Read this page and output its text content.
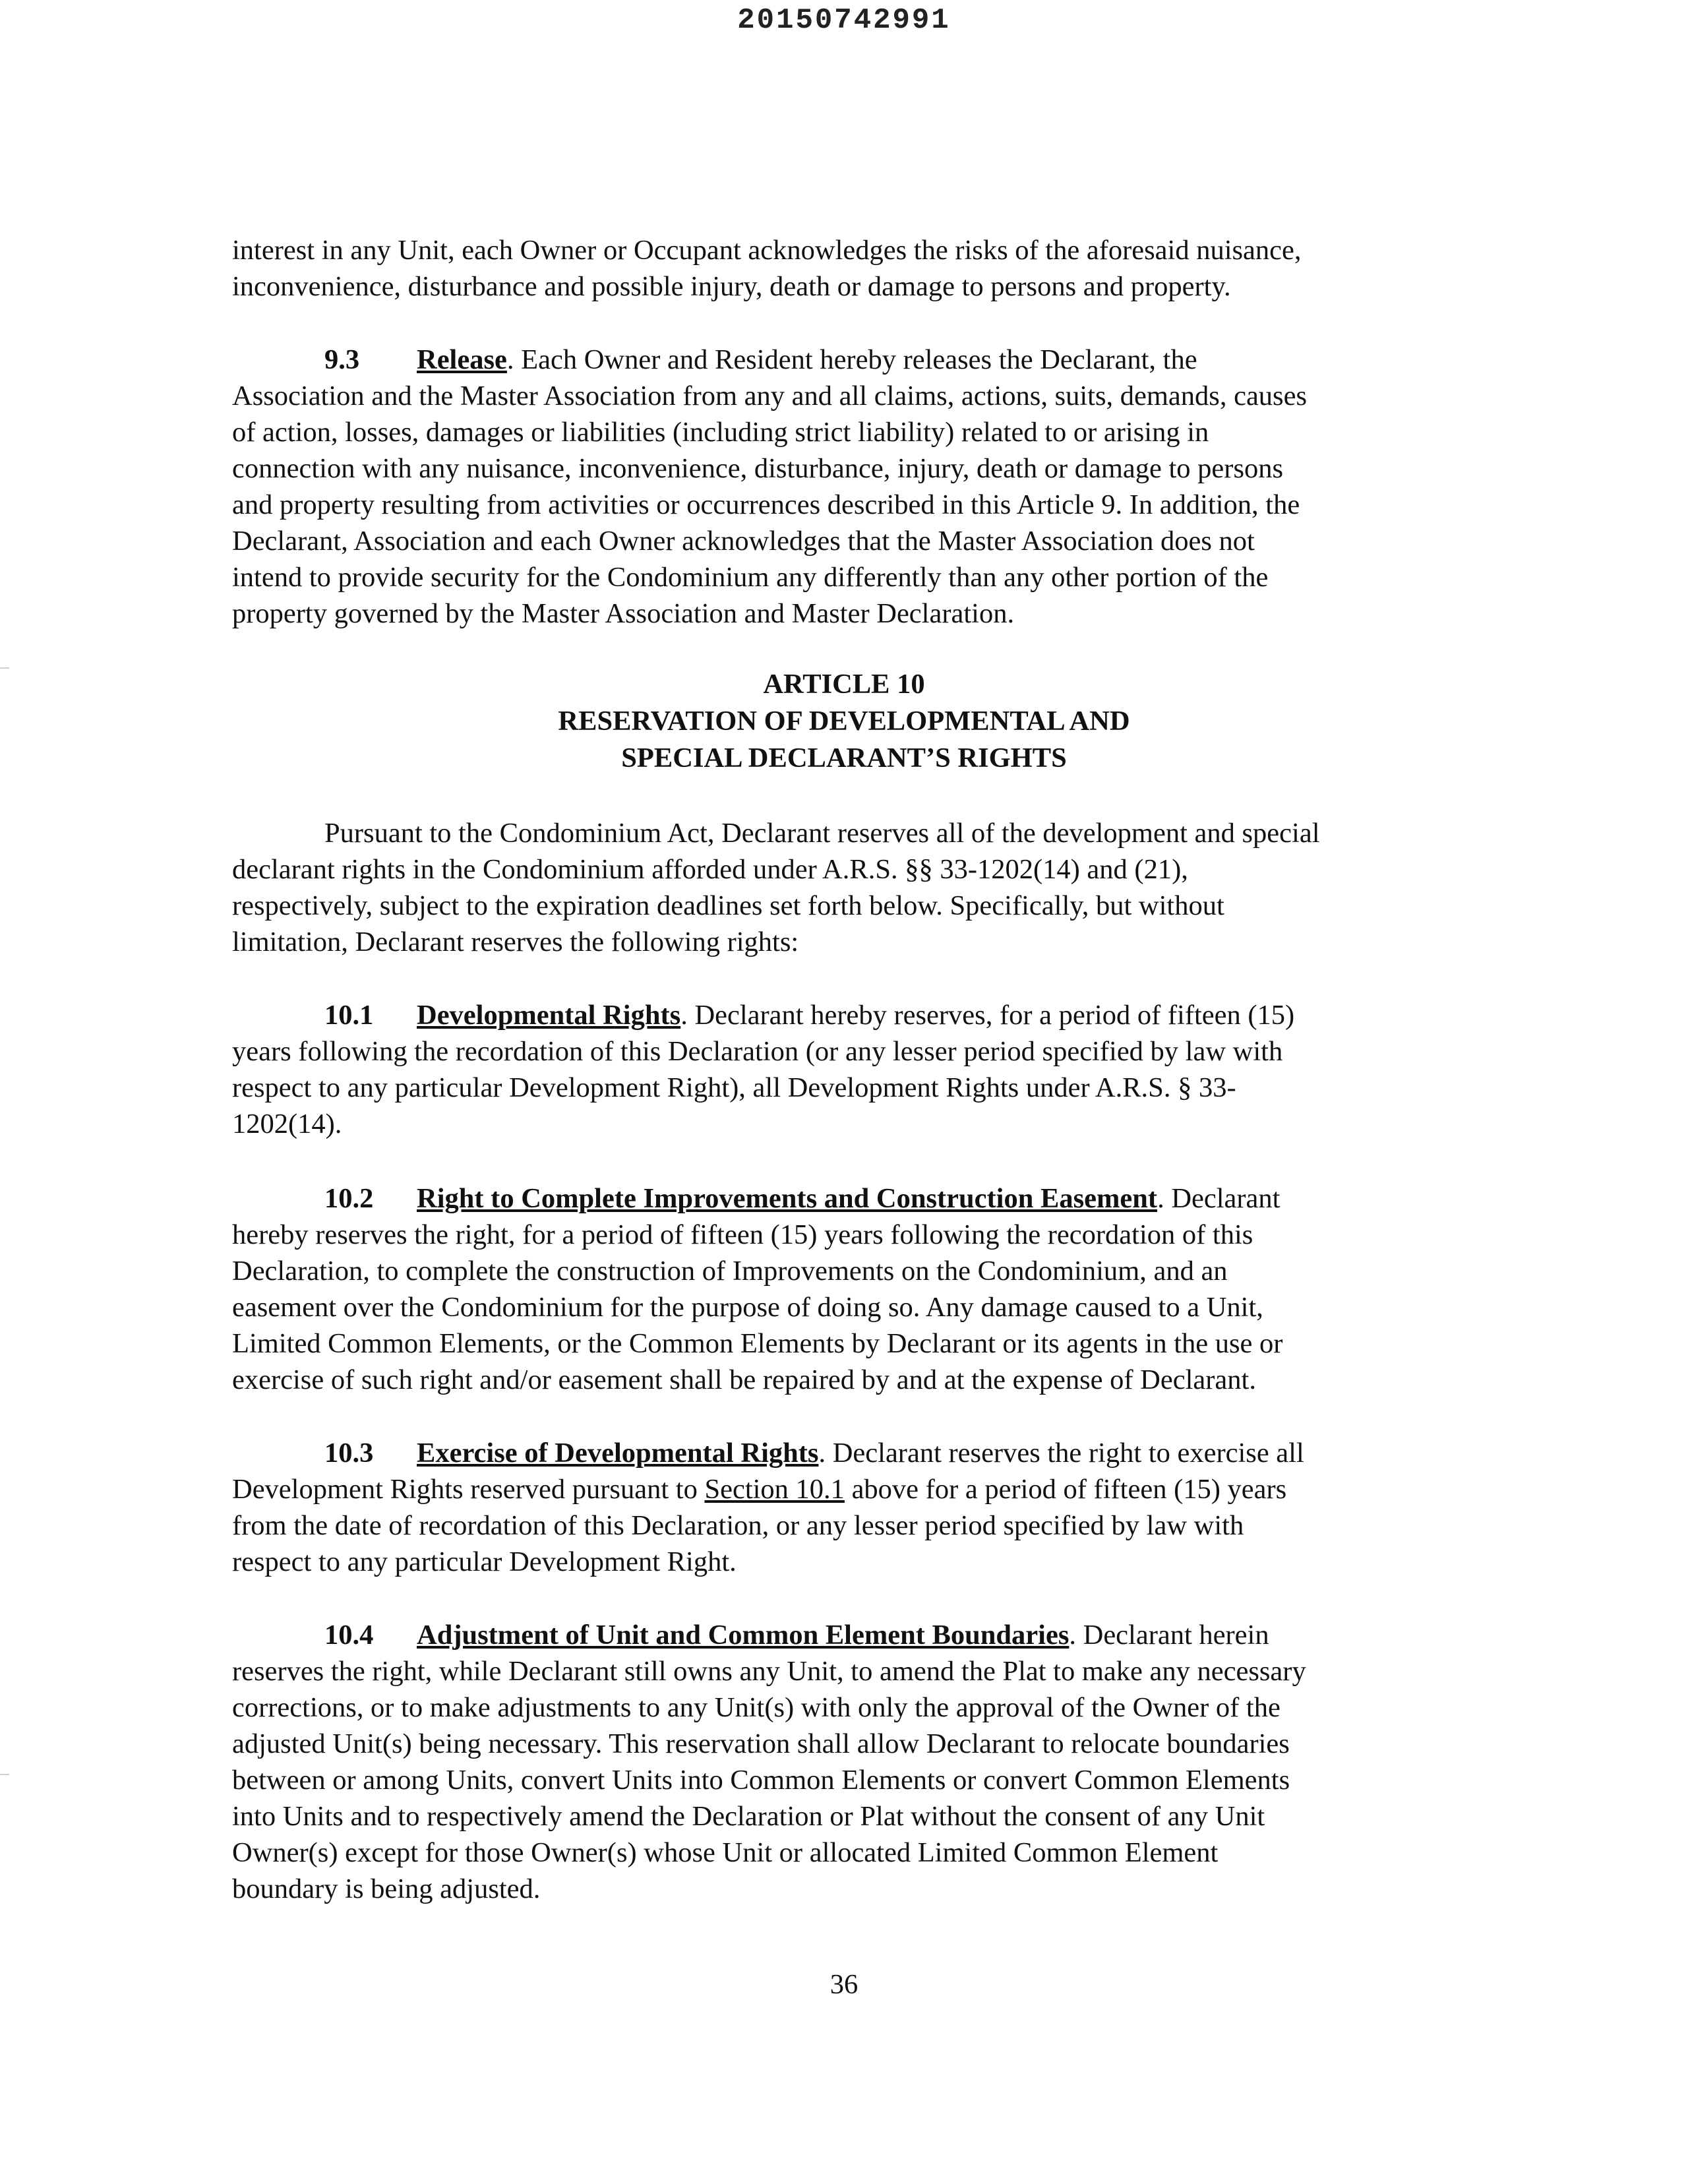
20150742991

interest in any Unit, each Owner or Occupant acknowledges the risks of the aforesaid nuisance,
inconvenience, disturbance and possible injury, death or damage to persons and property.

9.3 Release. Each Owner and Resident hereby releases the Declarant, the
Association and the Master Association from any and all claims, actions, suits, demands, causes
of action, losses, damages or liabilities (including strict liability) related to or arising in
connection with any nuisance, inconvenience, disturbance, injury, death or damage to persons
and property resulting from activities or occurrences described in this Article 9. In addition, the
Declarant, Association and each Owner acknowledges that the Master Association does not
intend to provide security for the Condominium any differently than any other portion of the
property governed by the Master Association and Master Declaration.

ARTICLE 10
RESERVATION OF DEVELOPMENTAL AND
SPECIAL DECLARANT’S RIGHTS

Pursuant to the Condominium Act, Declarant reserves all of the development and special
declarant rights in the Condominium afforded under A.R.S. §§ 33-1202(14) and (21),
respectively, subject to the expiration deadlines set forth below. Specifically, but without
limitation, Declarant reserves the following rights:

10.1 Developmental Rights. Declarant hereby reserves, for a period of fifteen (15)
years following the recordation of this Declaration (or any lesser period specified by law with
respect to any particular Development Right), all Development Rights under A.R.S. § 33-
1202(14).

10.2 Right to Complete Improvements and Construction Easement. Declarant
hereby reserves the right, for a period of fifteen (15) years following the recordation of this
Declaration, to complete the construction of Improvements on the Condominium, and an
easement over the Condominium for the purpose of doing so. Any damage caused to a Unit,
Limited Common Elements, or the Common Elements by Declarant or its agents in the use or
exercise of such right and/or easement shall be repaired by and at the expense of Declarant.

10.3 Exercise of Developmental Rights. Declarant reserves the right to exercise all
Development Rights reserved pursuant to Section 10.1 above for a period of fifteen (15) years
from the date of recordation of this Declaration, or any lesser period specified by law with
respect to any particular Development Right.

10.4 Adjustment of Unit and Common Element Boundaries. Declarant herein
reserves the right, while Declarant still owns any Unit, to amend the Plat to make any necessary
corrections, or to make adjustments to any Unit(s) with only the approval of the Owner of the
adjusted Unit(s) being necessary. This reservation shall allow Declarant to relocate boundaries
between or among Units, convert Units into Common Elements or convert Common Elements
into Units and to respectively amend the Declaration or Plat without the consent of any Unit
Owner(s) except for those Owner(s) whose Unit or allocated Limited Common Element
boundary is being adjusted.

36
